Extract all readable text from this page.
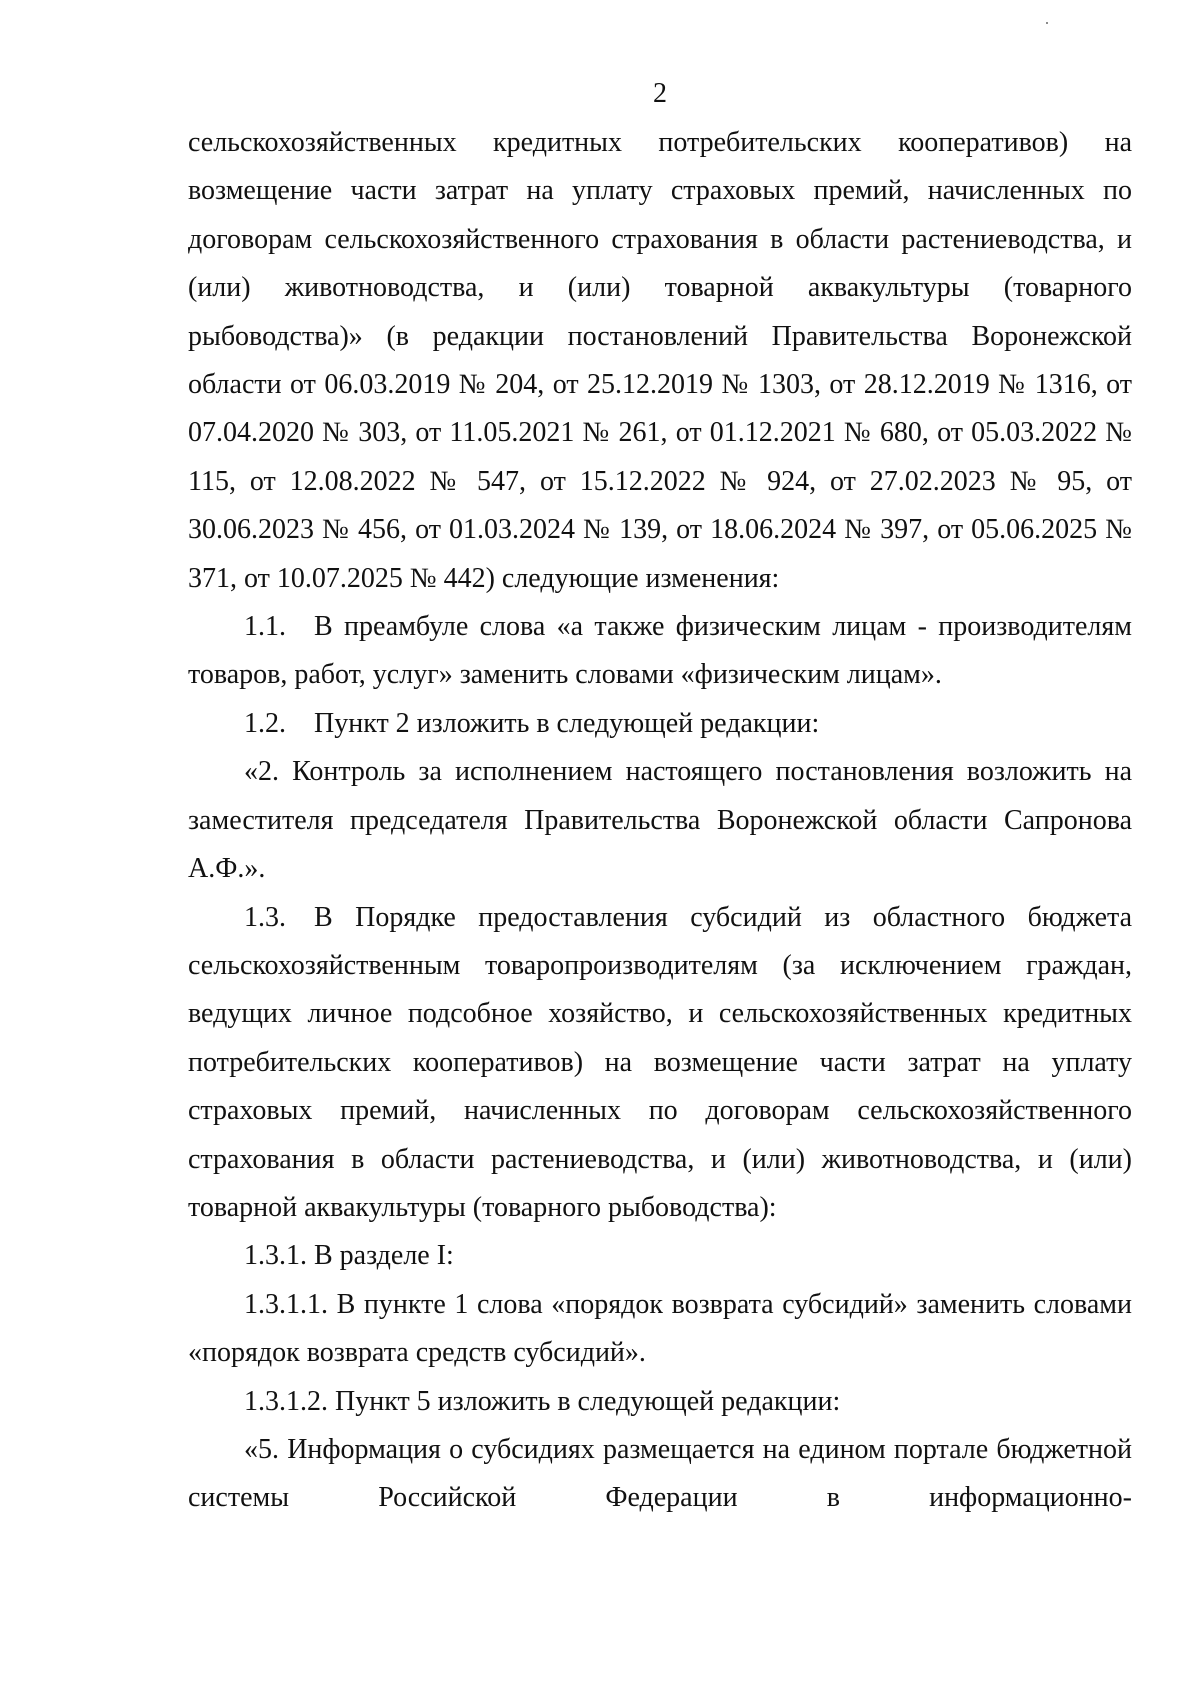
2

сельскохозяйственных кредитных потребительских кооперативов) на возмещение части затрат на уплату страховых премий, начисленных по договорам сельскохозяйственного страхования в области растениеводства, и (или) животноводства, и (или) товарной аквакультуры (товарного рыбоводства)» (в редакции постановлений Правительства Воронежской области от 06.03.2019 № 204, от 25.12.2019 № 1303, от 28.12.2019 № 1316, от 07.04.2020 № 303, от 11.05.2021 № 261, от 01.12.2021 № 680, от 05.03.2022 № 115, от 12.08.2022 № 547, от 15.12.2022 № 924, от 27.02.2023 № 95, от 30.06.2023 № 456, от 01.03.2024 № 139, от 18.06.2024 № 397, от 05.06.2025 № 371, от 10.07.2025 № 442) следующие изменения:

1.1. В преамбуле слова «а также физическим лицам - производителям товаров, работ, услуг» заменить словами «физическим лицам».

1.2. Пункт 2 изложить в следующей редакции:

«2. Контроль за исполнением настоящего постановления возложить на заместителя председателя Правительства Воронежской области Сапронова А.Ф.».

1.3. В Порядке предоставления субсидий из областного бюджета сельскохозяйственным товаропроизводителям (за исключением граждан, ведущих личное подсобное хозяйство, и сельскохозяйственных кредитных потребительских кооперативов) на возмещение части затрат на уплату страховых премий, начисленных по договорам сельскохозяйственного страхования в области растениеводства, и (или) животноводства, и (или) товарной аквакультуры (товарного рыбоводства):

1.3.1. В разделе I:

1.3.1.1. В пункте 1 слова «порядок возврата субсидий» заменить словами «порядок возврата средств субсидий».

1.3.1.2. Пункт 5 изложить в следующей редакции:

«5. Информация о субсидиях размещается на едином портале бюджетной системы Российской Федерации в информационно-
